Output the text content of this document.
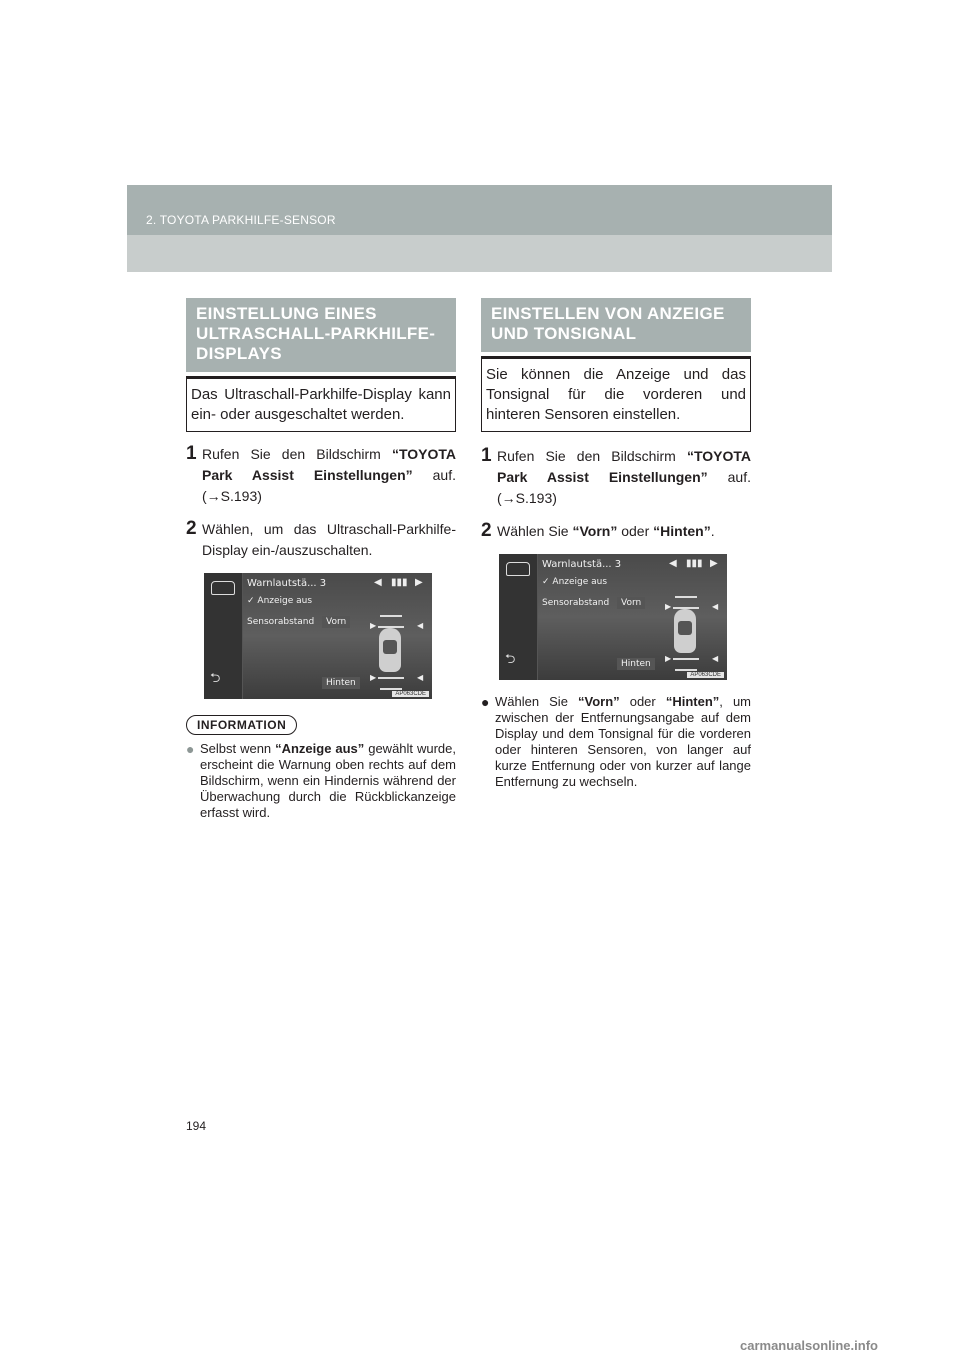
2. TOYOTA PARKHILFE-SENSOR
EINSTELLUNG EINES ULTRASCHALL-PARKHILFE-DISPLAYS
Das Ultraschall-Parkhilfe-Display kann ein- oder ausgeschaltet werden.
1 Rufen Sie den Bildschirm “TOYOTA Park Assist Einstellungen” auf. (→S.193)
2 Wählen, um das Ultraschall-Parkhilfe-Display ein-/auszuschalten.
⮌
Warnlautstä... 3	◀ ▮▮▮ ▶
✓ Anzeige aus
Sensorabstand	Vorn
Hinten
▶	◀
▶	◀
AP063CDE
INFORMATION
● Selbst wenn “Anzeige aus” gewählt wurde, erscheint die Warnung oben rechts auf dem Bildschirm, wenn ein Hindernis während der Überwachung durch die Rückblickanzeige erfasst wird.
EINSTELLEN VON ANZEIGE UND TONSIGNAL
Sie können die Anzeige und das Tonsignal für die vorderen und hinteren Sensoren einstellen.
1 Rufen Sie den Bildschirm “TOYOTA Park Assist Einstellungen” auf. (→S.193)
2 Wählen Sie “Vorn” oder “Hinten”.
⮌
Warnlautstä... 3	◀ ▮▮▮ ▶
✓ Anzeige aus
Sensorabstand	Vorn
Hinten
▶	◀
▶	◀
AP063CDE
● Wählen Sie “Vorn” oder “Hinten”, um zwischen der Entfernungsangabe auf dem Display und dem Tonsignal für die vorderen oder hinteren Sensoren, von langer auf kurze Entfernung oder von kurzer auf lange Entfernung zu wechseln.
194
carmanualsonline.info
